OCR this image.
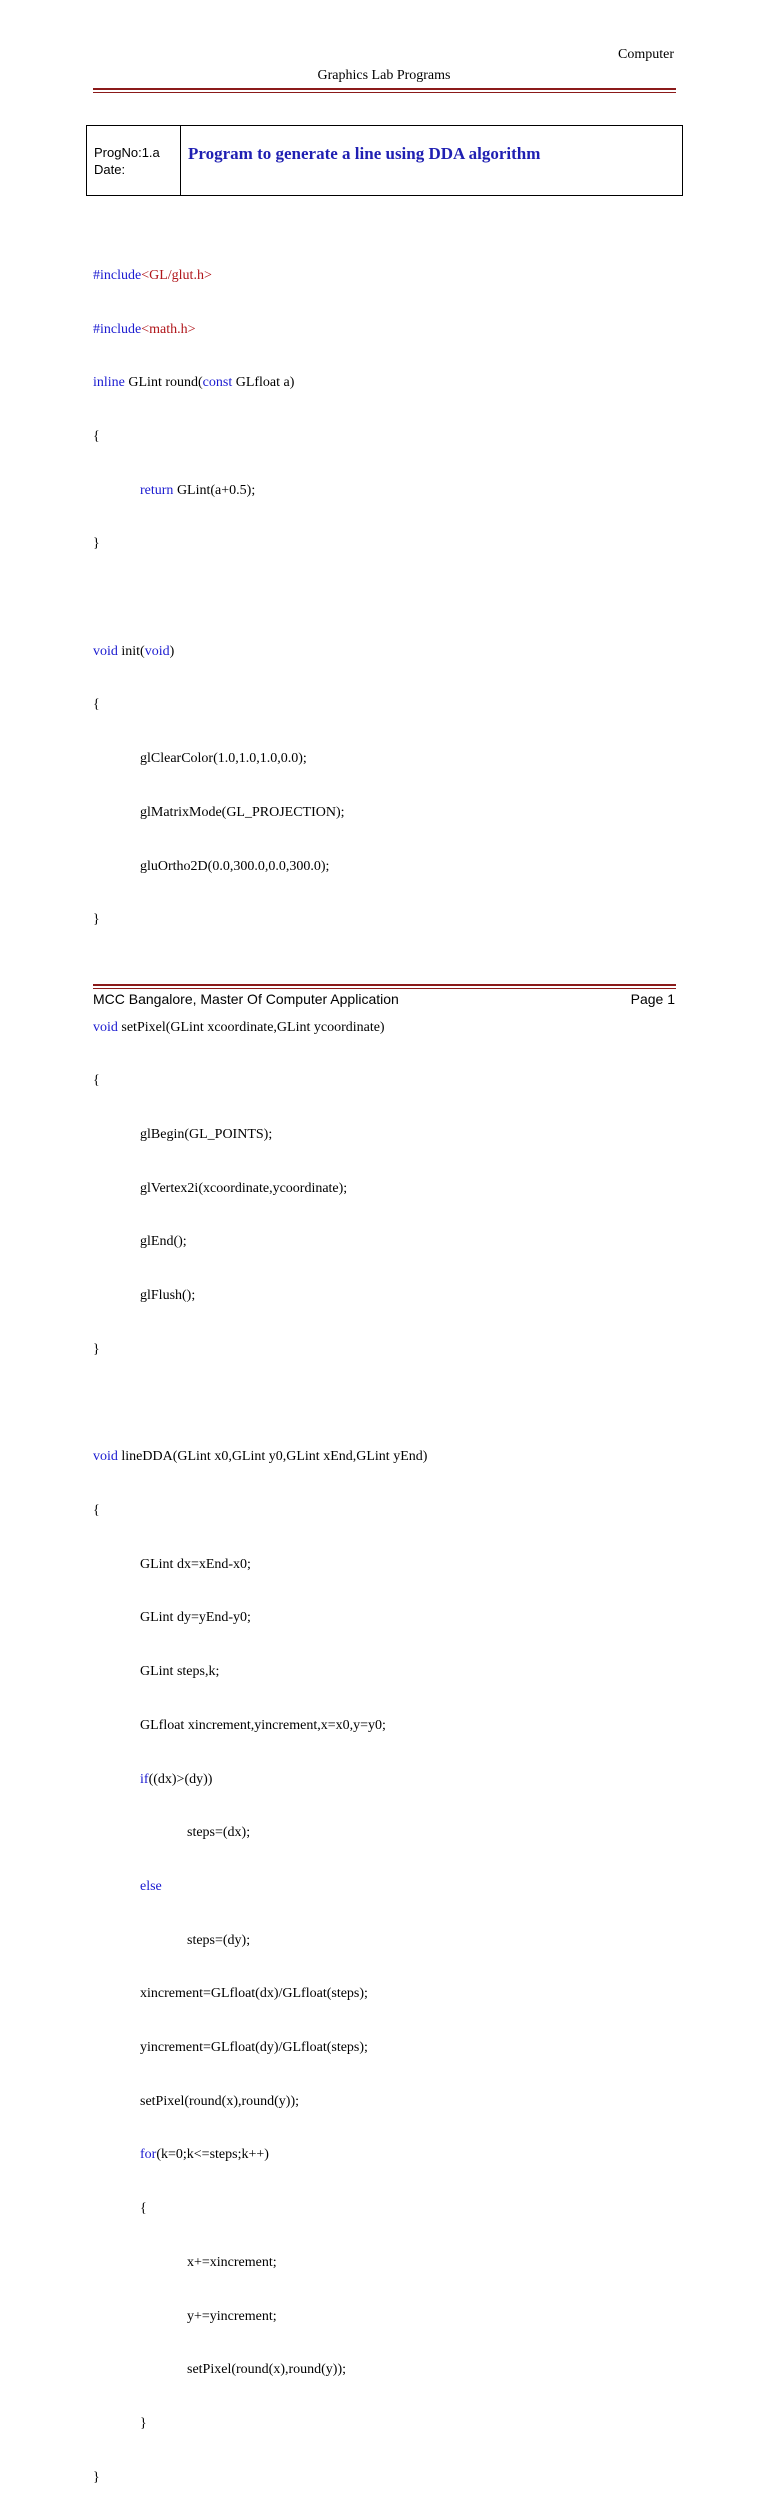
Computer
Graphics Lab Programs
ProgNo:1.a
Date:
Program to generate a line using DDA algorithm

#include<GL/glut.h>

#include<math.h>

inline GLint round(const GLfloat a)

{

return GLint(a+0.5);

}

void init(void)

{

glClearColor(1.0,1.0,1.0,0.0);

glMatrixMode(GL_PROJECTION);

gluOrtho2D(0.0,300.0,0.0,300.0);

}

void setPixel(GLint xcoordinate,GLint ycoordinate)

{

glBegin(GL_POINTS);

glVertex2i(xcoordinate,ycoordinate);

glEnd();

glFlush();

}

void lineDDA(GLint x0,GLint y0,GLint xEnd,GLint yEnd)

{

GLint dx=xEnd-x0;

GLint dy=yEnd-y0;

GLint steps,k;

GLfloat xincrement,yincrement,x=x0,y=y0;

if((dx)>(dy))

steps=(dx);

else

steps=(dy);

xincrement=GLfloat(dx)/GLfloat(steps);

yincrement=GLfloat(dy)/GLfloat(steps);

setPixel(round(x),round(y));

for(k=0;k<=steps;k++)

{

x+=xincrement;

y+=yincrement;

setPixel(round(x),round(y));

}

}

MCC Bangalore, Master Of Computer Application	Page 1
